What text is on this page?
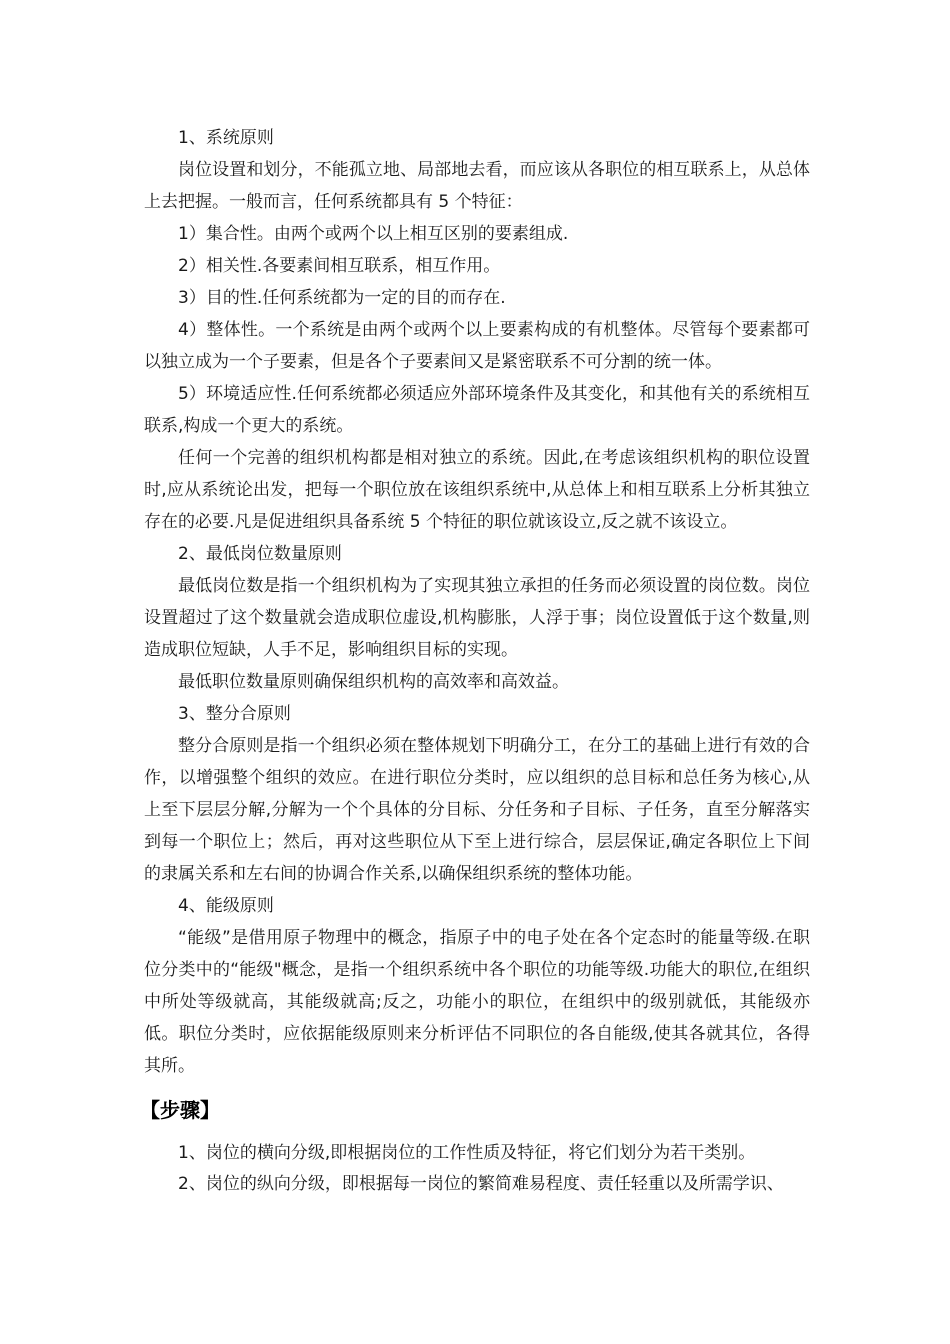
1、系统原则

岗位设置和划分，不能孤立地、局部地去看，而应该从各职位的相互联系上，从总体上去把握。一般而言，任何系统都具有 5 个特征：

1）集合性。由两个或两个以上相互区别的要素组成.

2）相关性.各要素间相互联系，相互作用。

3）目的性.任何系统都为一定的目的而存在.

4）整体性。一个系统是由两个或两个以上要素构成的有机整体。尽管每个要素都可以独立成为一个子要素，但是各个子要素间又是紧密联系不可分割的统一体。

5）环境适应性.任何系统都必须适应外部环境条件及其变化，和其他有关的系统相互联系,构成一个更大的系统。

任何一个完善的组织机构都是相对独立的系统。因此,在考虑该组织机构的职位设置时,应从系统论出发，把每一个职位放在该组织系统中,从总体上和相互联系上分析其独立存在的必要.凡是促进组织具备系统 5 个特征的职位就该设立,反之就不该设立。

2、最低岗位数量原则

最低岗位数是指一个组织机构为了实现其独立承担的任务而必须设置的岗位数。岗位设置超过了这个数量就会造成职位虚设,机构膨胀，人浮于事；岗位设置低于这个数量,则造成职位短缺，人手不足，影响组织目标的实现。

最低职位数量原则确保组织机构的高效率和高效益。

3、整分合原则

整分合原则是指一个组织必须在整体规划下明确分工，在分工的基础上进行有效的合作，以增强整个组织的效应。在进行职位分类时，应以组织的总目标和总任务为核心,从上至下层层分解,分解为一个个具体的分目标、分任务和子目标、子任务，直至分解落实到每一个职位上；然后，再对这些职位从下至上进行综合，层层保证,确定各职位上下间的隶属关系和左右间的协调合作关系,以确保组织系统的整体功能。

4、能级原则

“能级”是借用原子物理中的概念，指原子中的电子处在各个定态时的能量等级.在职位分类中的“能级"概念，是指一个组织系统中各个职位的功能等级.功能大的职位,在组织中所处等级就高，其能级就高;反之，功能小的职位，在组织中的级别就低，其能级亦低。职位分类时，应依据能级原则来分析评估不同职位的各自能级,使其各就其位，各得其所。

【步骤】

1、岗位的横向分级,即根据岗位的工作性质及特征，将它们划分为若干类别。

2、岗位的纵向分级，即根据每一岗位的繁简难易程度、责任轻重以及所需学识、
